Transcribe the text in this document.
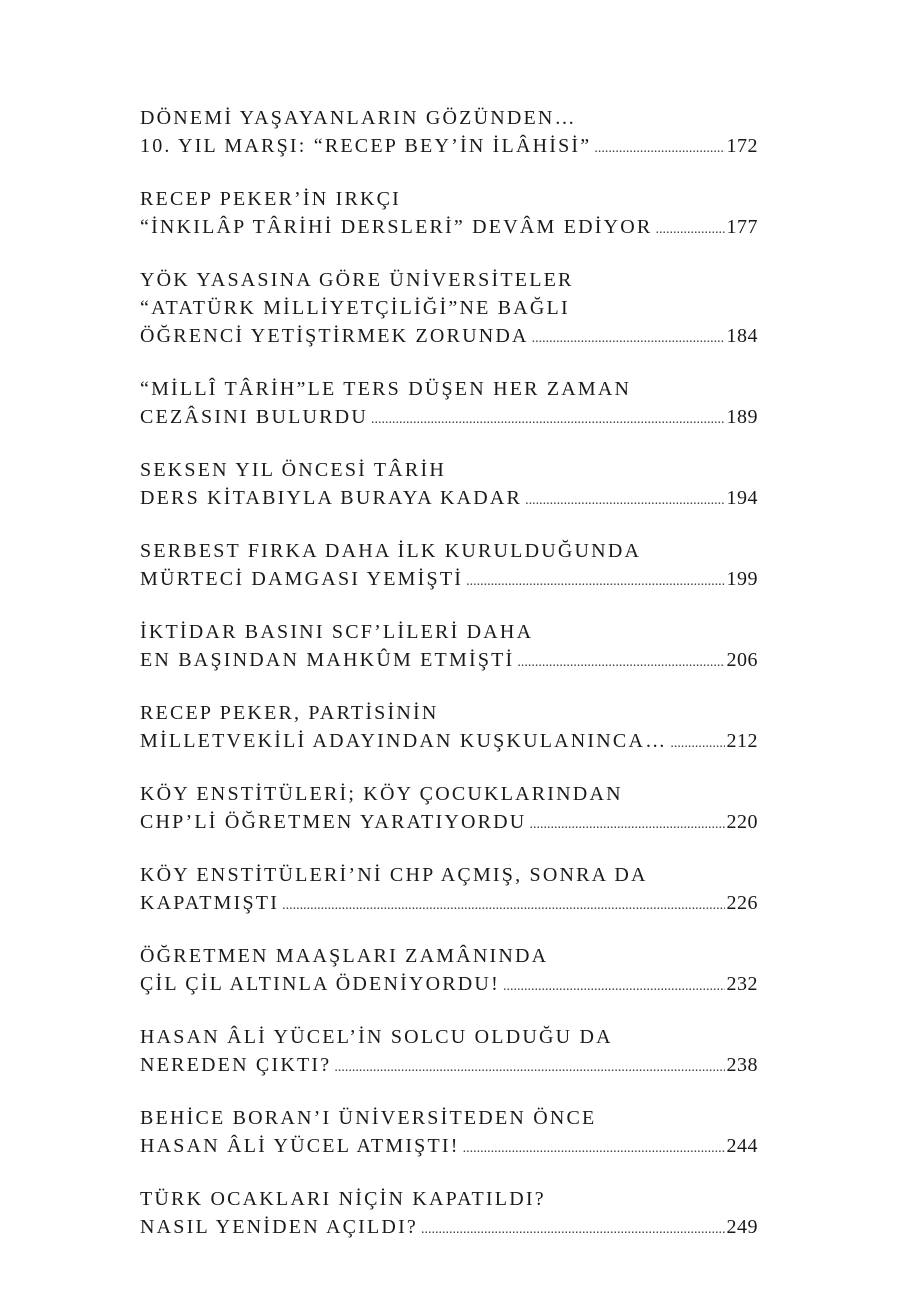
DÖNEMİ YAŞAYANLARIN GÖZÜNDEN…
10. YIL MARŞI: “RECEP BEY’İN İLÂHİSİ” .....	172
RECEP PEKER’İN IRKÇI
“İNKILÂP TÂRİHİ DERSLERİ” DEVÂM EDİYOR .....	177
YÖK YASASINA GÖRE ÜNİVERSİTELER
“ATATÜRK MİLLİYETÇİLİĞİ”NE BAĞLI
ÖĞRENCİ YETİŞTİRMEK ZORUNDA .....	184
“MİLLÎ TÂRİH”LE TERS DÜŞEN HER ZAMAN
CEZÂSINI BULURDU .....	189
SEKSEN YIL ÖNCESİ TÂRİH
DERS KİTABIYLA BURAYA KADAR .....	194
SERBEST FIRKA DAHA İLK KURULDUĞUNDA
MÜRTECİ DAMGASI YEMİŞTİ .....	199
İKTİDAR BASINI SCF’LİLERİ DAHA
EN BAŞINDAN MAHKÛM ETMİŞTİ .....	206
RECEP PEKER, PARTİSİNİN
MİLLETVEKİLİ ADAYINDAN KUŞKULANINCA… .....	212
KÖY ENSTİTÜLERİ; KÖY ÇOCUKLARINDAN
CHP’Lİ ÖĞRETMEN YARATIYORDU .....	220
KÖY ENSTİTÜLERİ’Nİ CHP AÇMIŞ, SONRA DA
KAPATMIŞTI .....	226
ÖĞRETMEN MAAŞLARI ZAMÂNINDA
ÇİL ÇİL ALTINLA ÖDENİYORDU! .....	232
HASAN ÂLİ YÜCEL’İN SOLCU OLDUĞU DA
NEREDEN ÇIKTI? .....	238
BEHİCE BORAN’I ÜNİVERSİTEDEN ÖNCE
HASAN ÂLİ YÜCEL ATMIŞTI! .....	244
TÜRK OCAKLARI NİÇİN KAPATILDI?
NASIL YENİDEN AÇILDI? .....	249
